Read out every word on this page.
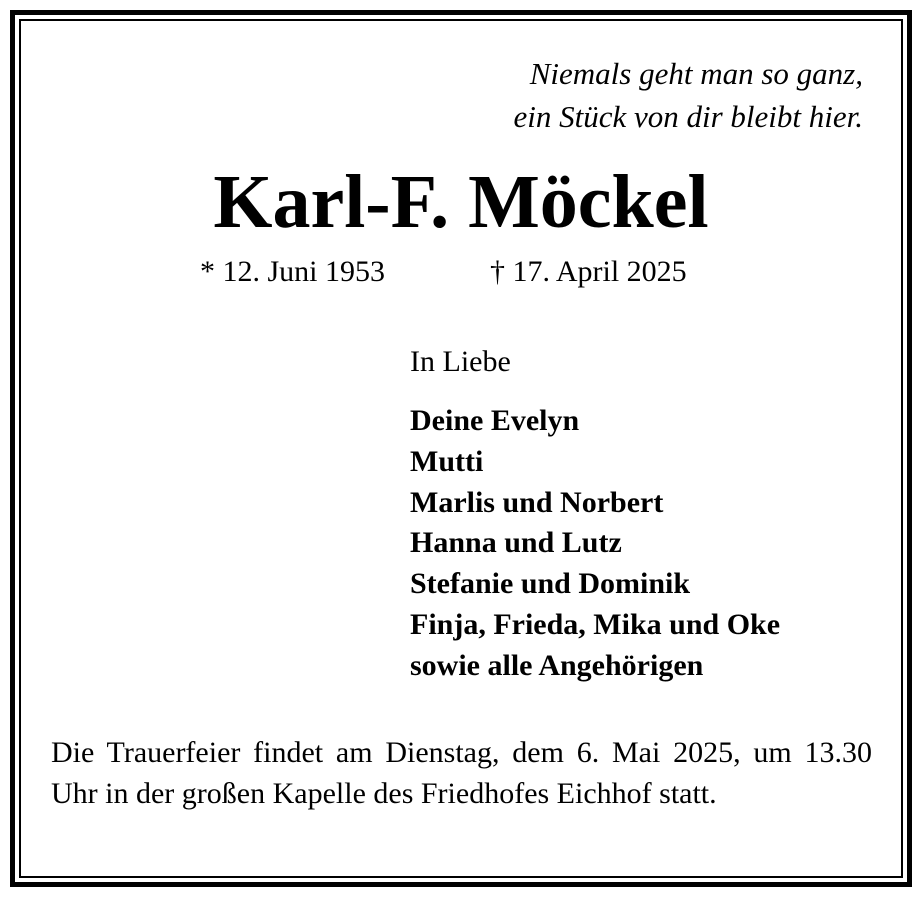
Niemals geht man so ganz,
ein Stück von dir bleibt hier.
Karl-F. Möckel
* 12. Juni 1953	† 17. April 2025
In Liebe
Deine Evelyn
Mutti
Marlis und Norbert
Hanna und Lutz
Stefanie und Dominik
Finja, Frieda, Mika und Oke
sowie alle Angehörigen
Die Trauerfeier findet am Dienstag, dem 6. Mai 2025, um 13.30 Uhr in der großen Kapelle des Friedhofes Eichhof statt.
